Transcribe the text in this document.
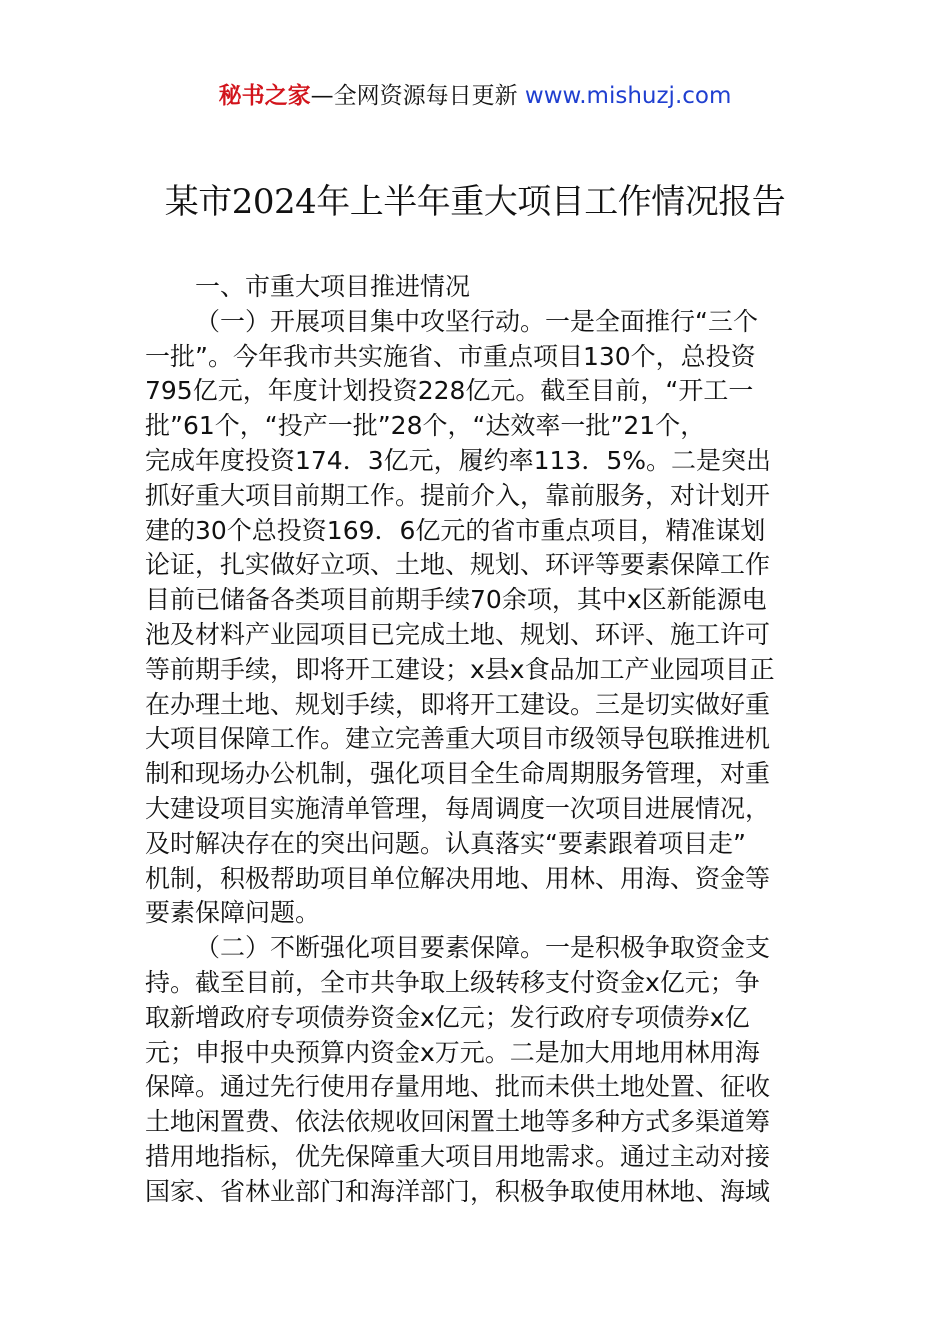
秘书之家—全网资源每日更新 www.mishuzj.com
某市2024年上半年重大项目工作情况报告
一、市重大项目推进情况
（一）开展项目集中攻坚行动。一是全面推行“三个
一批”。今年我市共实施省、市重点项目130个，总投资
795亿元，年度计划投资228亿元。截至目前，“开工一
批”61个，“投产一批”28个，“达效率一批”21个，
完成年度投资174．3亿元，履约率113．5%。二是突出
抓好重大项目前期工作。提前介入，靠前服务，对计划开
建的30个总投资169．6亿元的省市重点项目，精准谋划
论证，扎实做好立项、土地、规划、环评等要素保障工作
目前已储备各类项目前期手续70余项，其中x区新能源电
池及材料产业园项目已完成土地、规划、环评、施工许可
等前期手续，即将开工建设；x县x食品加工产业园项目正
在办理土地、规划手续，即将开工建设。三是切实做好重
大项目保障工作。建立完善重大项目市级领导包联推进机
制和现场办公机制，强化项目全生命周期服务管理，对重
大建设项目实施清单管理，每周调度一次项目进展情况，
及时解决存在的突出问题。认真落实“要素跟着项目走”
机制，积极帮助项目单位解决用地、用林、用海、资金等
要素保障问题。
（二）不断强化项目要素保障。一是积极争取资金支
持。截至目前，全市共争取上级转移支付资金x亿元；争
取新增政府专项债券资金x亿元；发行政府专项债券x亿
元；申报中央预算内资金x万元。二是加大用地用林用海
保障。通过先行使用存量用地、批而未供土地处置、征收
土地闲置费、依法依规收回闲置土地等多种方式多渠道筹
措用地指标，优先保障重大项目用地需求。通过主动对接
国家、省林业部门和海洋部门，积极争取使用林地、海域
